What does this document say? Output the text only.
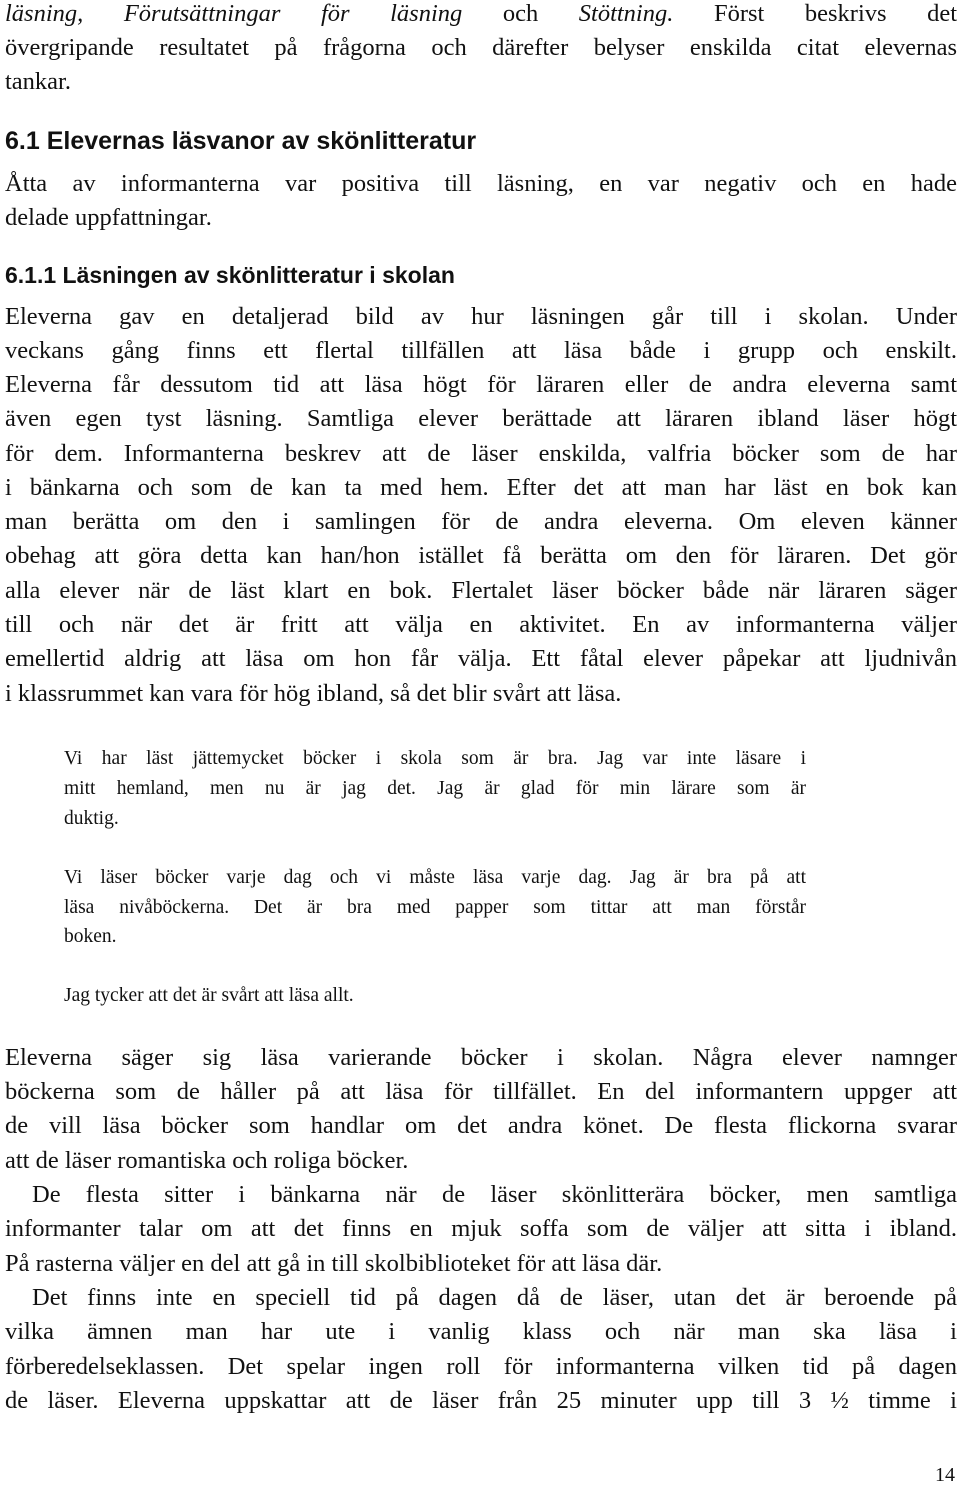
läsning, Förutsättningar för läsning och Stöttning. Först beskrivs det
övergripande resultatet på frågorna och därefter belyser enskilda citat elevernas
tankar.
6.1 Elevernas läsvanor av skönlitteratur
Åtta av informanterna var positiva till läsning, en var negativ och en hade
delade uppfattningar.
6.1.1 Läsningen av skönlitteratur i skolan
Eleverna gav en detaljerad bild av hur läsningen går till i skolan. Under
veckans gång finns ett flertal tillfällen att läsa både i grupp och enskilt.
Eleverna får dessutom tid att läsa högt för läraren eller de andra eleverna samt
även egen tyst läsning. Samtliga elever berättade att läraren ibland läser högt
för dem. Informanterna beskrev att de läser enskilda, valfria böcker som de har
i bänkarna och som de kan ta med hem. Efter det att man har läst en bok kan
man berätta om den i samlingen för de andra eleverna. Om eleven känner
obehag att göra detta kan han/hon istället få berätta om den för läraren. Det gör
alla elever när de läst klart en bok. Flertalet läser böcker både när läraren säger
till och när det är fritt att välja en aktivitet. En av informanterna väljer
emellertid aldrig att läsa om hon får välja. Ett fåtal elever påpekar att ljudnivån
i klassrummet kan vara för hög ibland, så det blir svårt att läsa.
Vi har läst jättemycket böcker i skola som är bra. Jag var inte läsare i
mitt hemland, men nu är jag det. Jag är glad för min lärare som är
duktig.
Vi läser böcker varje dag och vi måste läsa varje dag. Jag är bra på att
läsa nivåböckerna. Det är bra med papper som tittar att man förstår
boken.
Jag tycker att det är svårt att läsa allt.
Eleverna säger sig läsa varierande böcker i skolan. Några elever namnger
böckerna som de håller på att läsa för tillfället. En del informantern uppger att
de vill läsa böcker som handlar om det andra könet. De flesta flickorna svarar
att de läser romantiska och roliga böcker.
De flesta sitter i bänkarna när de läser skönlitterära böcker, men samtliga
informanter talar om att det finns en mjuk soffa som de väljer att sitta i ibland.
På rasterna väljer en del att gå in till skolbiblioteket för att läsa där.
Det finns inte en speciell tid på dagen då de läser, utan det är beroende på
vilka ämnen man har ute i vanlig klass och när man ska läsa i
förberedelseklassen. Det spelar ingen roll för informanterna vilken tid på dagen
de läser. Eleverna uppskattar att de läser från 25 minuter upp till 3 ½ timme i
14
